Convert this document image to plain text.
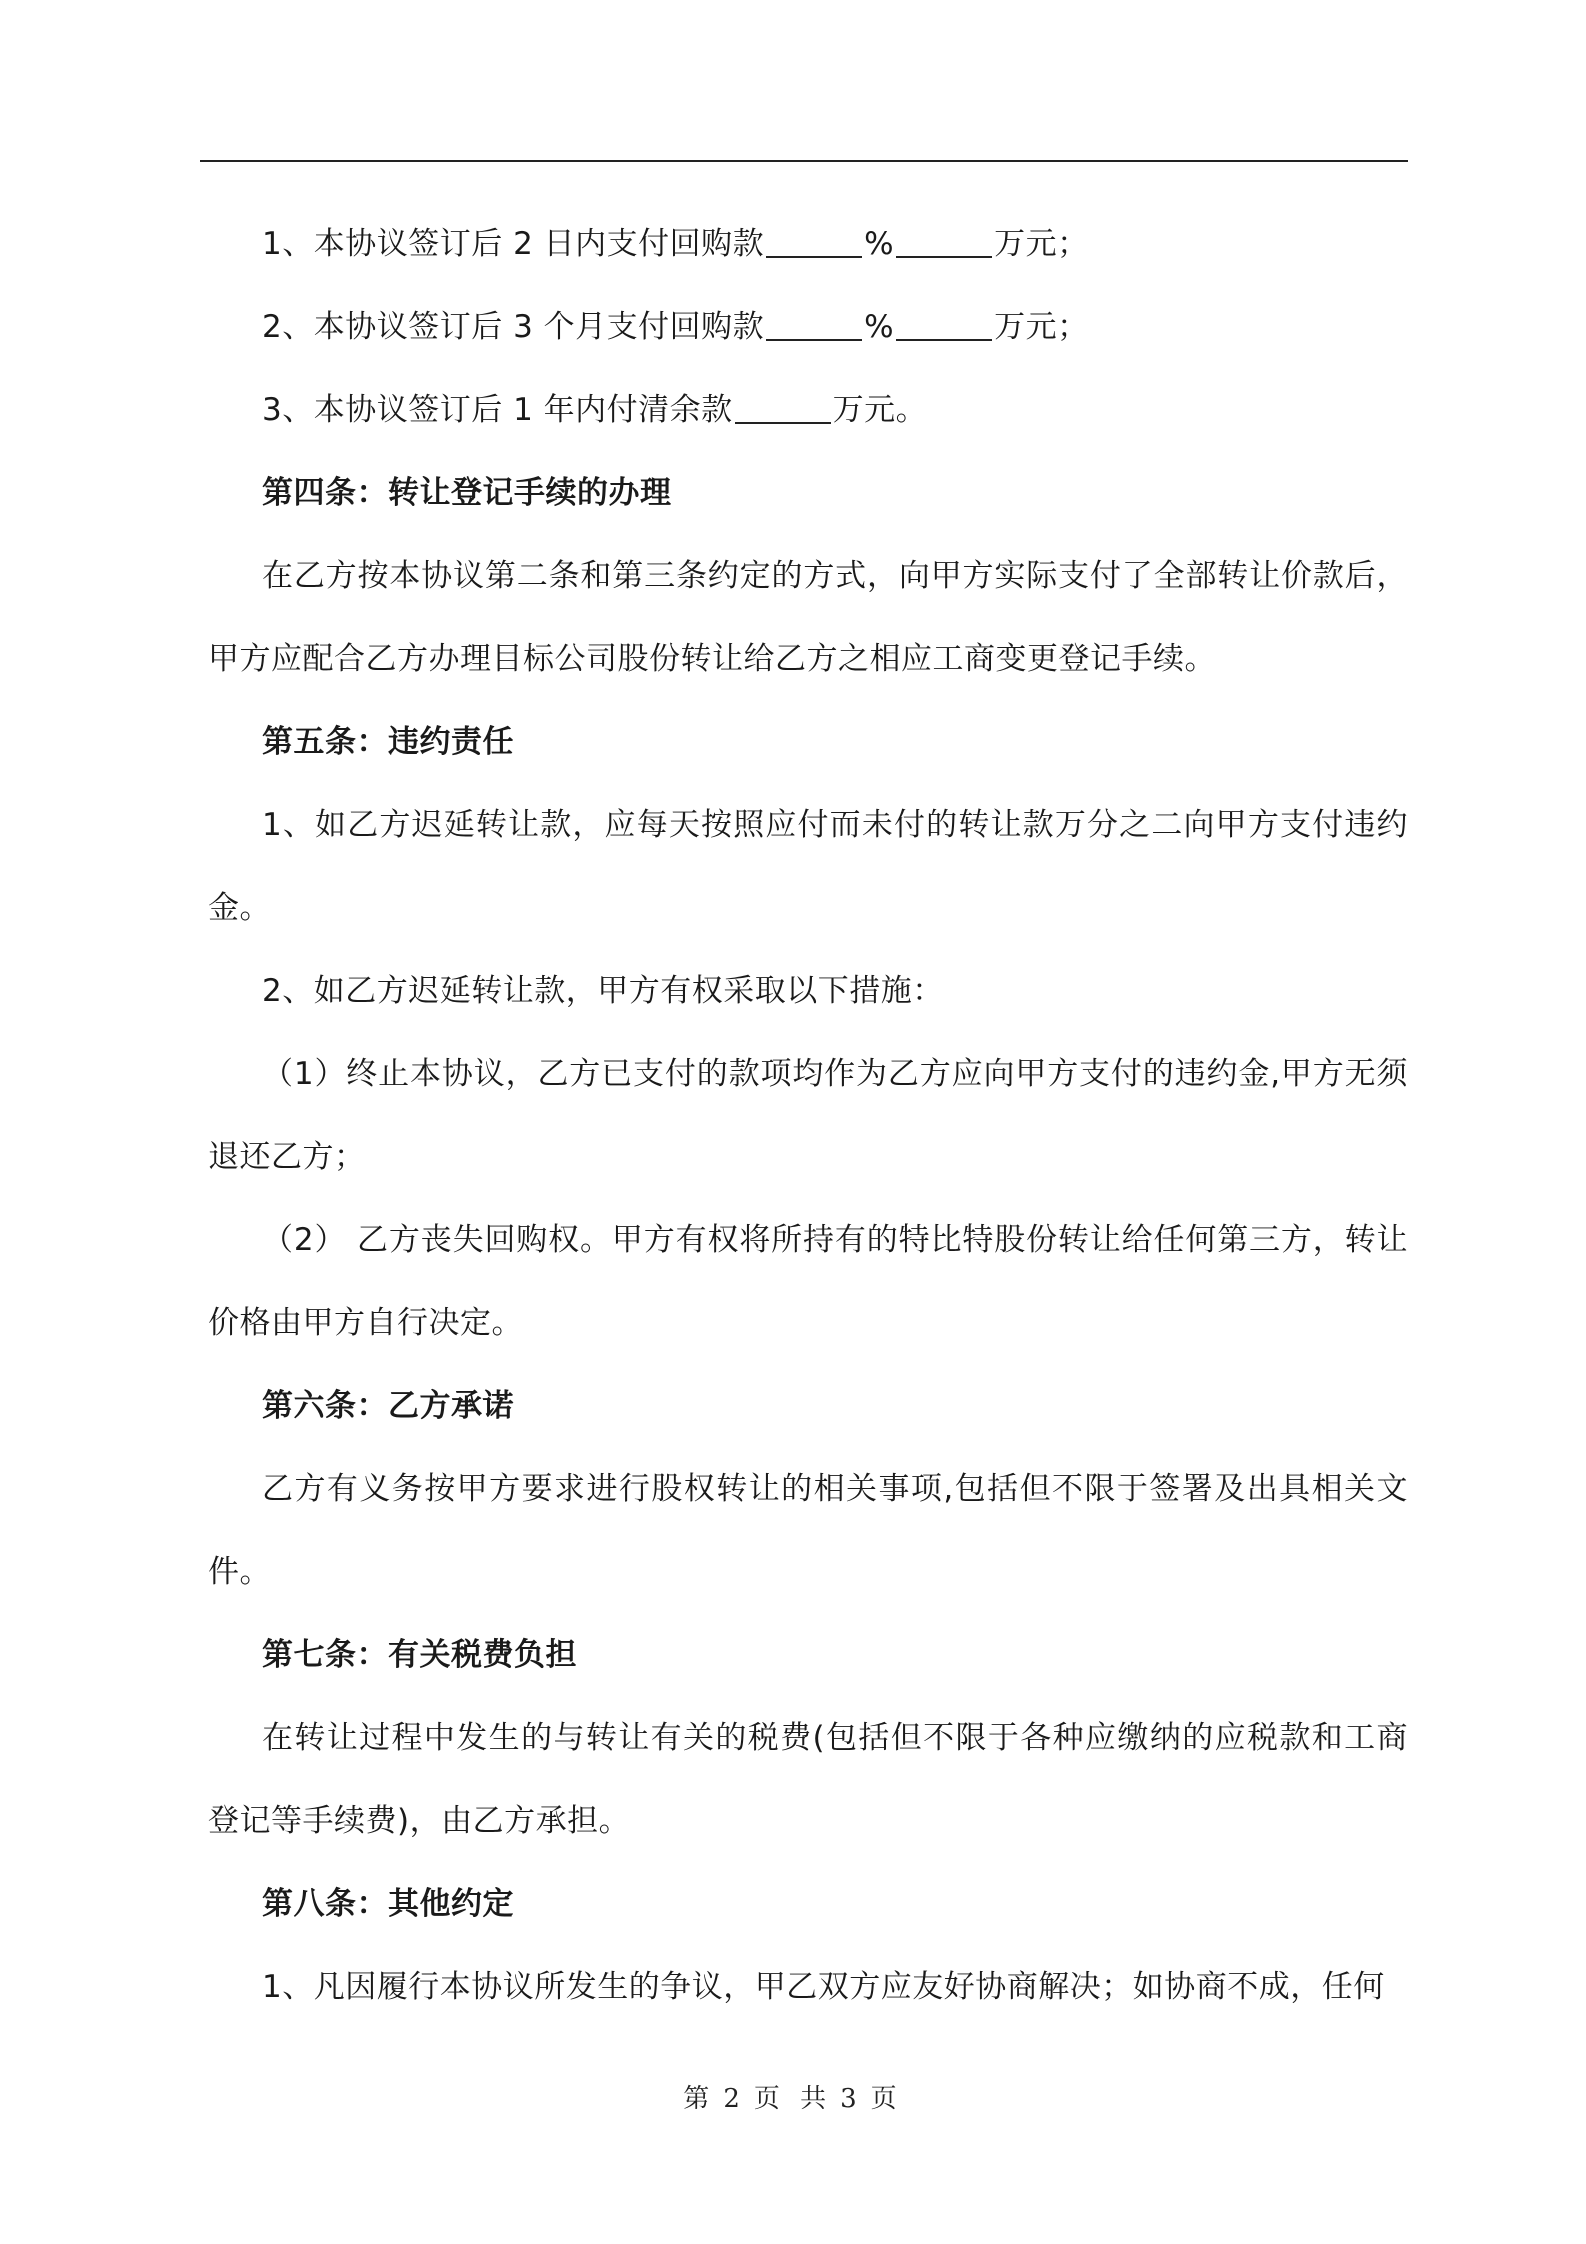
1、本协议签订后 2 日内支付回购款	%	万元；

2、本协议签订后 3 个月支付回购款	%	万元；

3、本协议签订后 1 年内付清余款	万元。

第四条：转让登记手续的办理

在乙方按本协议第二条和第三条约定的方式，向甲方实际支付了全部转让价款后，甲方应配合乙方办理目标公司股份转让给乙方之相应工商变更登记手续。

第五条：违约责任

1、如乙方迟延转让款，应每天按照应付而未付的转让款万分之二向甲方支付违约金。

2、如乙方迟延转让款，甲方有权采取以下措施：

（1）终止本协议，乙方已支付的款项均作为乙方应向甲方支付的违约金,甲方无须退还乙方；

（2） 乙方丧失回购权。甲方有权将所持有的特比特股份转让给任何第三方，转让价格由甲方自行决定。

第六条：乙方承诺

乙方有义务按甲方要求进行股权转让的相关事项,包括但不限于签署及出具相关文件。

第七条：有关税费负担

在转让过程中发生的与转让有关的税费(包括但不限于各种应缴纳的应税款和工商登记等手续费)，由乙方承担。

第八条：其他约定

1、凡因履行本协议所发生的争议，甲乙双方应友好协商解决；如协商不成，任何

第 2 页 共 3 页
